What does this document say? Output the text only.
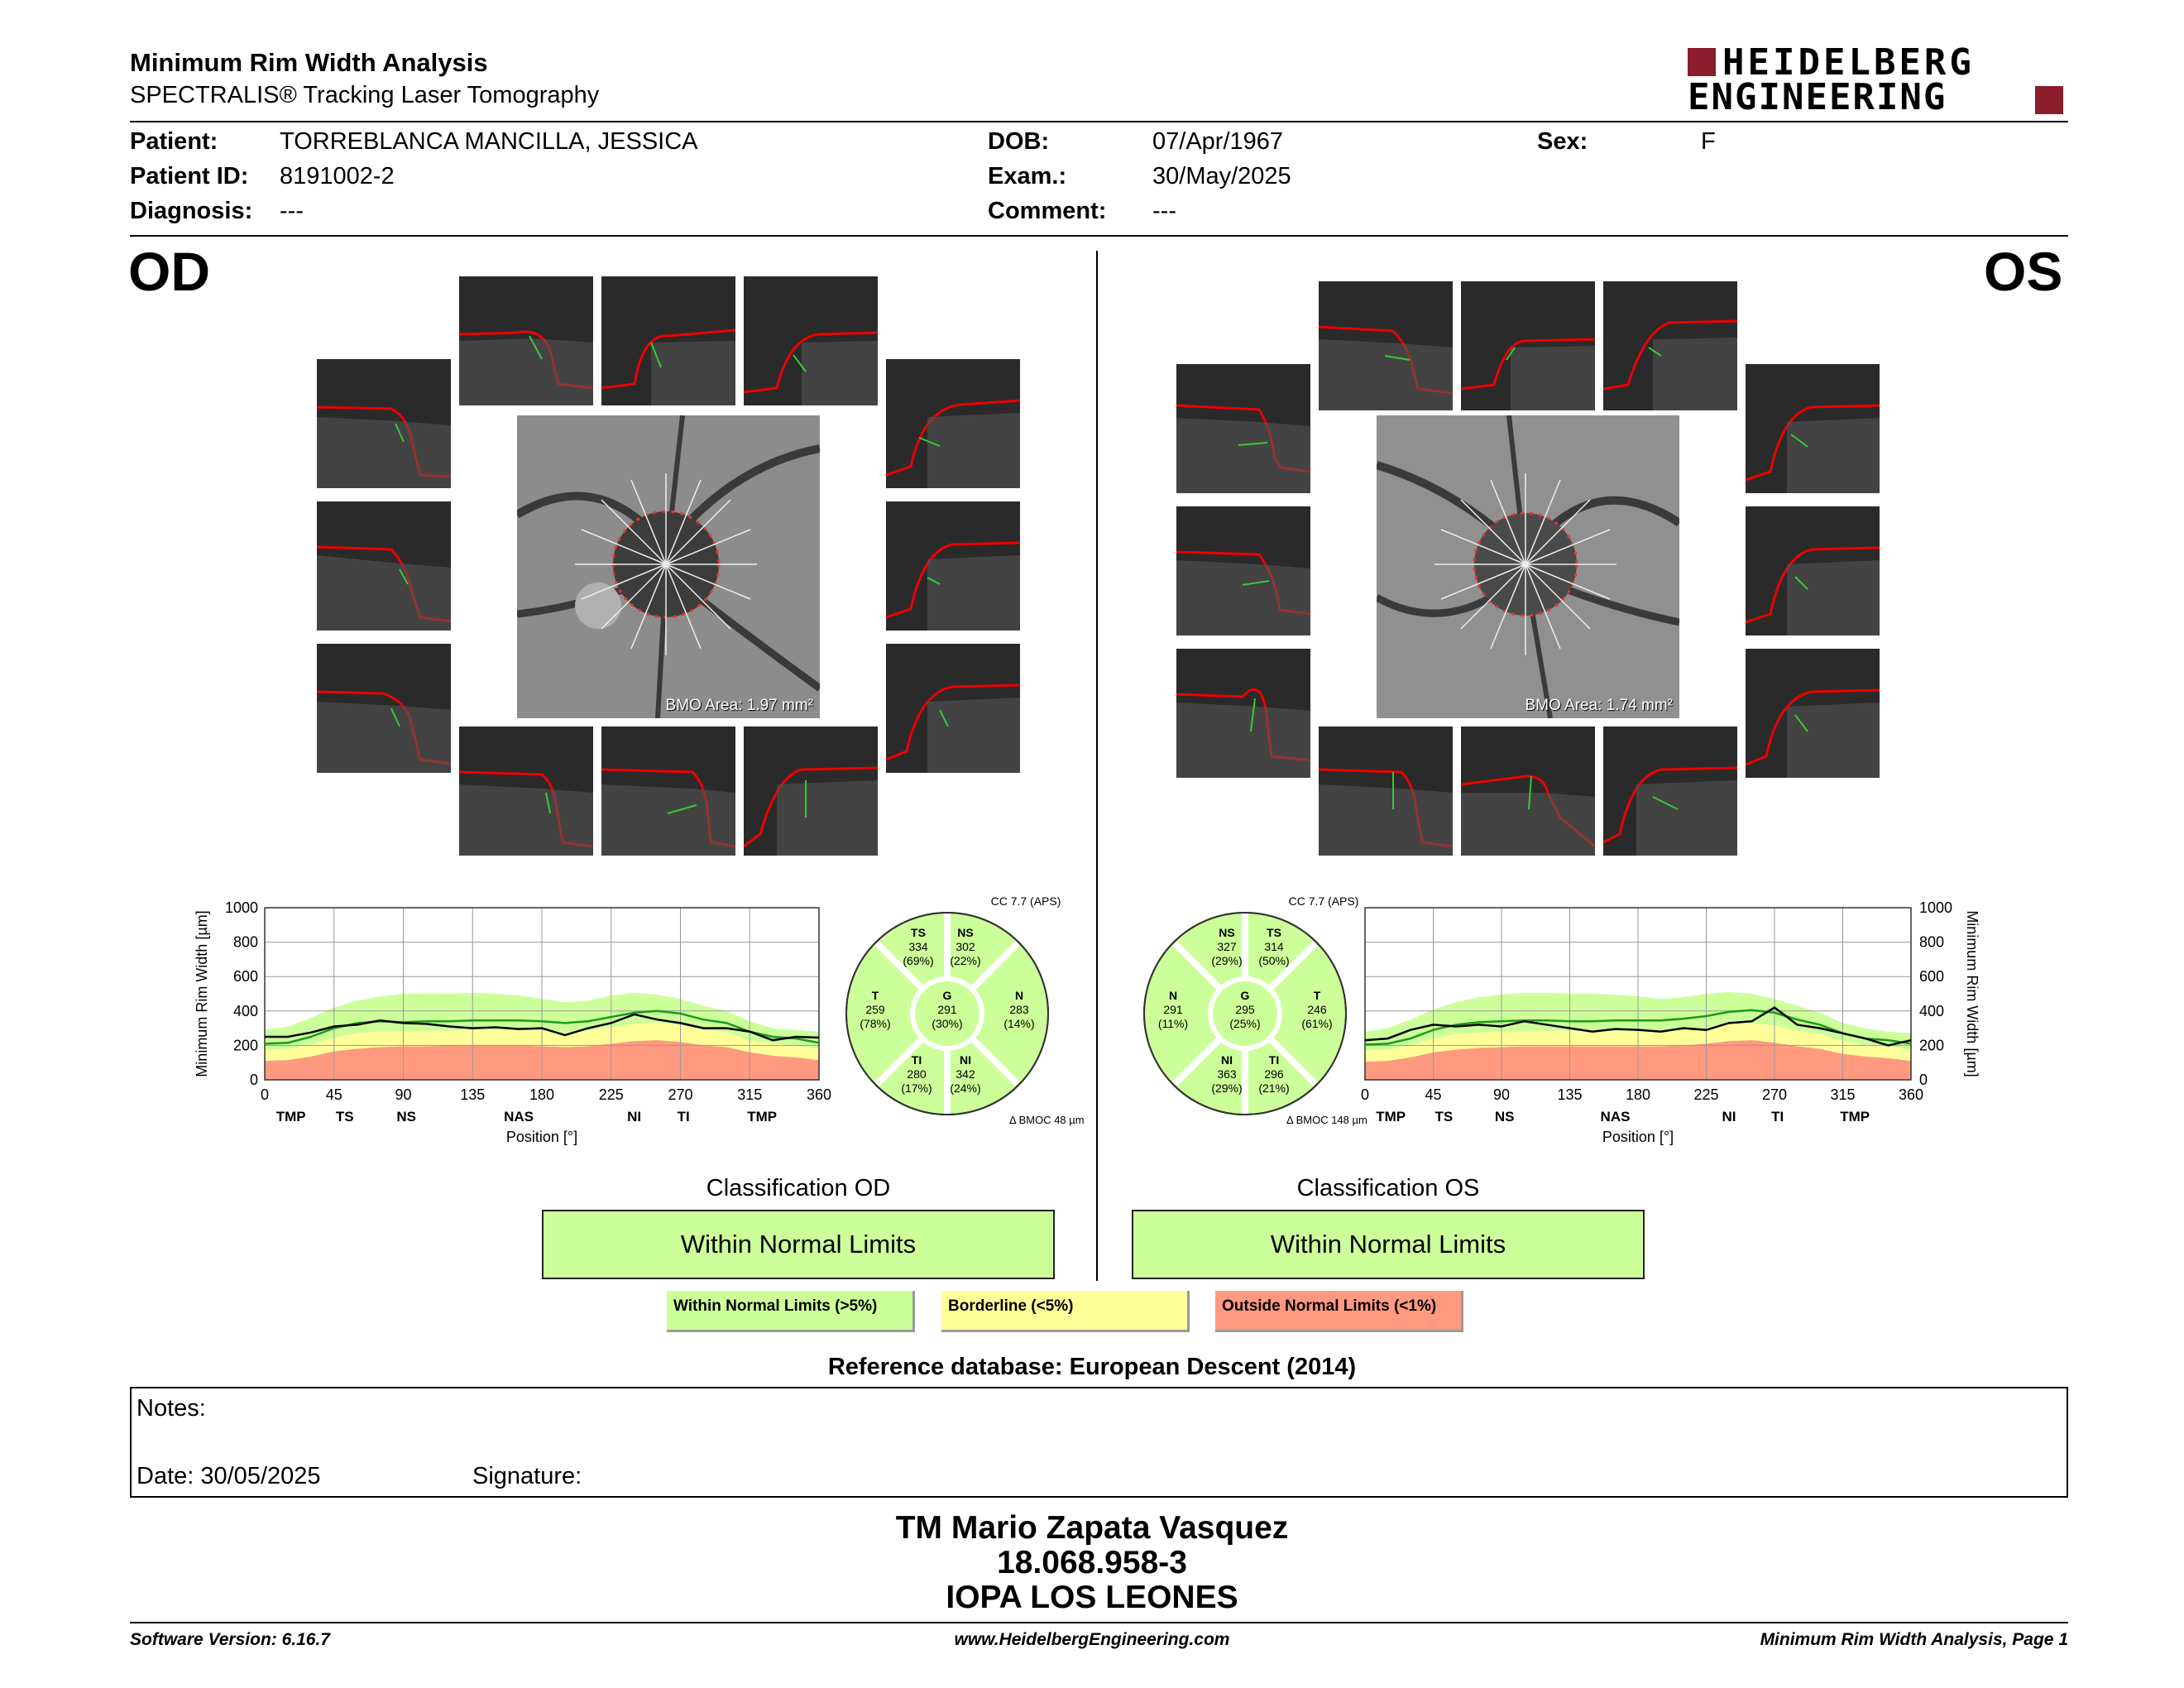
Minimum Rim Width Analysis
SPECTRALIS® Tracking Laser Tomography
HEIDELBERG
ENGINEERING
Patient:	TORREBLANCA MANCILLA, JESSICA
Patient ID: 8191002-2
Diagnosis: ---
DOB:	07/Apr/1967
Exam.:	30/May/2025
Comment: ---
Sex:	F
OD	OS
BMO Area: 1.97 mm²	BMO Area: 1.74 mm²
0	45	90	135	180	225	270	315	360
0
200
400
600
800
1000
TMP TS	NS	NAS	NI	TI	TMP
Position [°]
Minimum Rim Width [µm]
0	45	90	135	180	225	270	315	360
0
200
400
600
800
1000
TMP TS	NS	NAS	NI	TI	TMP
Position [°]
Minimum Rim Width [µm]
CC 7.7 (APS)
TS
334
(69%)
NS
302
(22%)
T
259
(78%)
G
291
(30%)
N
283
(14%)
TI
280
(17%)
NI
342
(24%)
Δ BMOC 48 µm
CC 7.7 (APS)
NS
327
(29%)
TS
314
(50%)
N
291
(11%)
G
295
(25%)
T
246
(61%)
NI
363
(29%)
TI
296
(21%)
Δ BMOC 148 µm
Classification OD
Within Normal Limits
Classification OS
Within Normal Limits
Within Normal Limits (>5%)	Borderline (<5%)	Outside Normal Limits (<1%)
Reference database: European Descent (2014)
Notes:
Date: 30/05/2025	Signature:
TM Mario Zapata Vasquez
18.068.958-3
IOPA LOS LEONES
Software Version: 6.16.7	www.HeidelbergEngineering.com	Minimum Rim Width Analysis, Page 1
